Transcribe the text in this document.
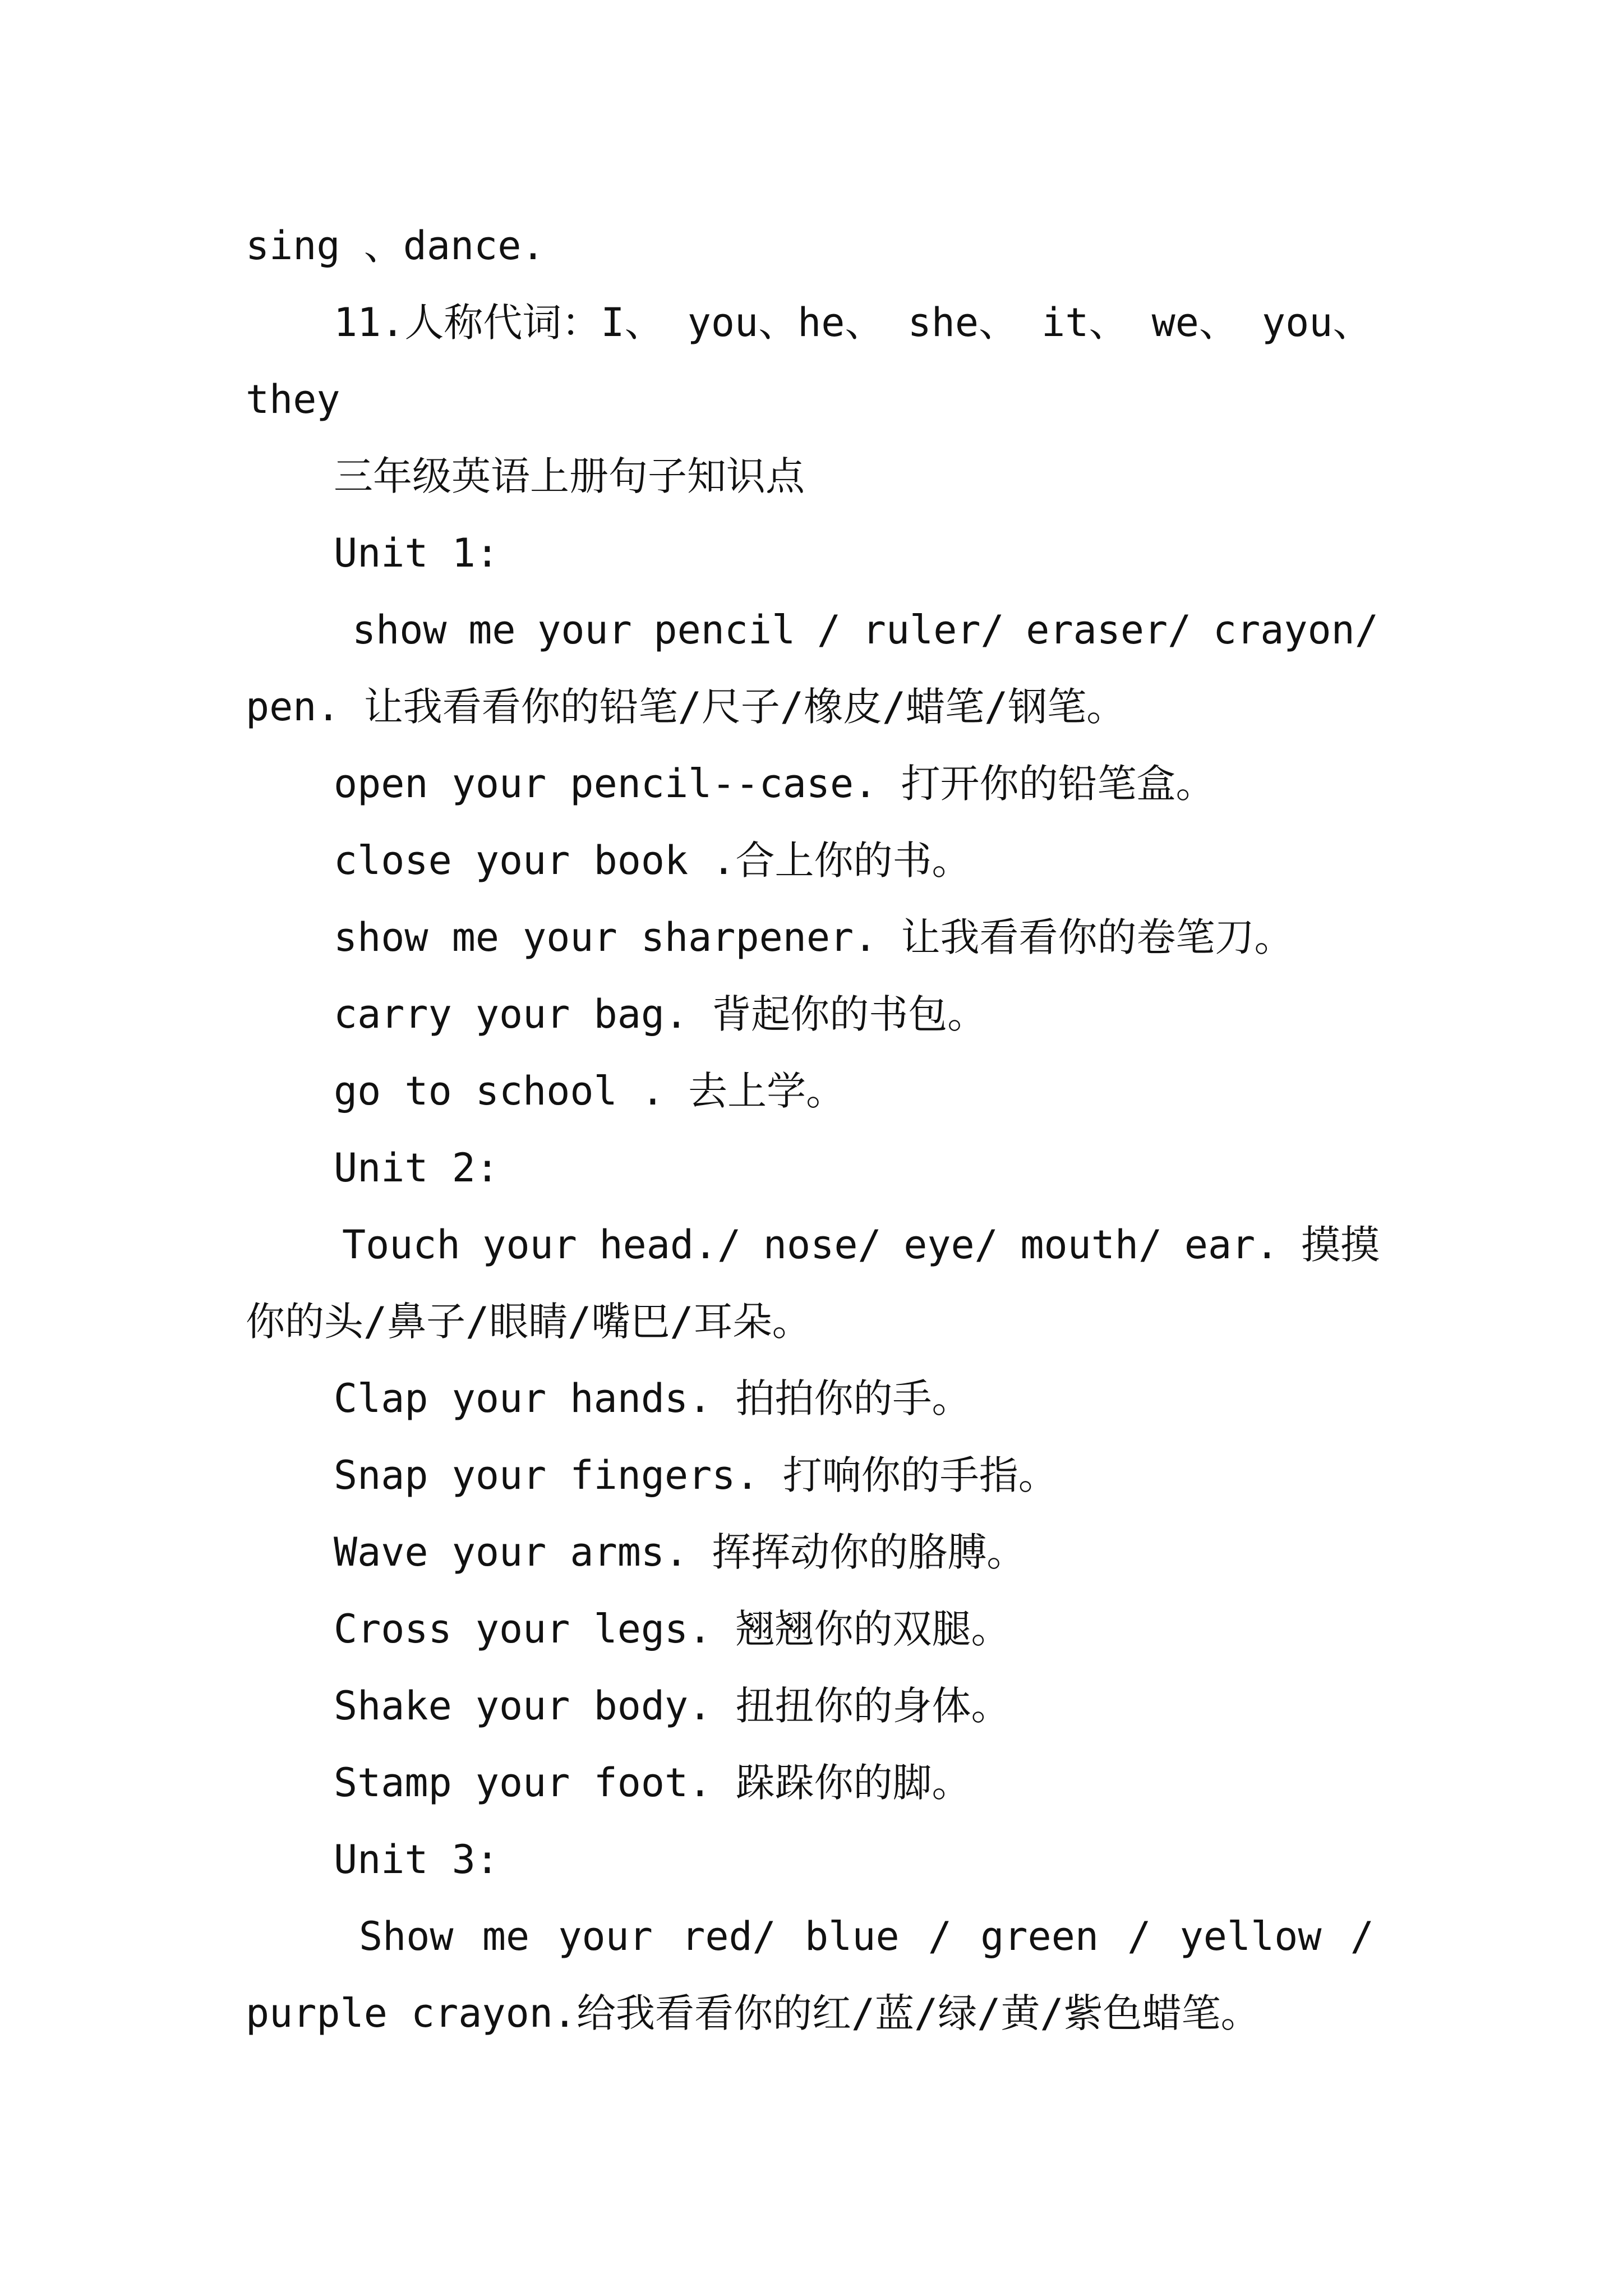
sing 、dance.
11.人称代词：I、 you、he、 she、 it、 we、 you、
they
三年级英语上册句子知识点
Unit 1:
show me your pencil / ruler/ eraser/ crayon/
pen. 让我看看你的铅笔/尺子/橡皮/蜡笔/钢笔。
open your pencil--case. 打开你的铅笔盒。
close your book .合上你的书。
show me your sharpener. 让我看看你的卷笔刀。
carry your bag. 背起你的书包。
go to school . 去上学。
Unit 2:
Touch your head./ nose/ eye/ mouth/ ear. 摸摸
你的头/鼻子/眼睛/嘴巴/耳朵。
Clap your hands. 拍拍你的手。
Snap your fingers. 打响你的手指。
Wave your arms. 挥挥动你的胳膊。
Cross your legs. 翘翘你的双腿。
Shake your body. 扭扭你的身体。
Stamp your foot. 跺跺你的脚。
Unit 3:
Show me your red/ blue / green / yellow /
purple crayon.给我看看你的红/蓝/绿/黄/紫色蜡笔。
